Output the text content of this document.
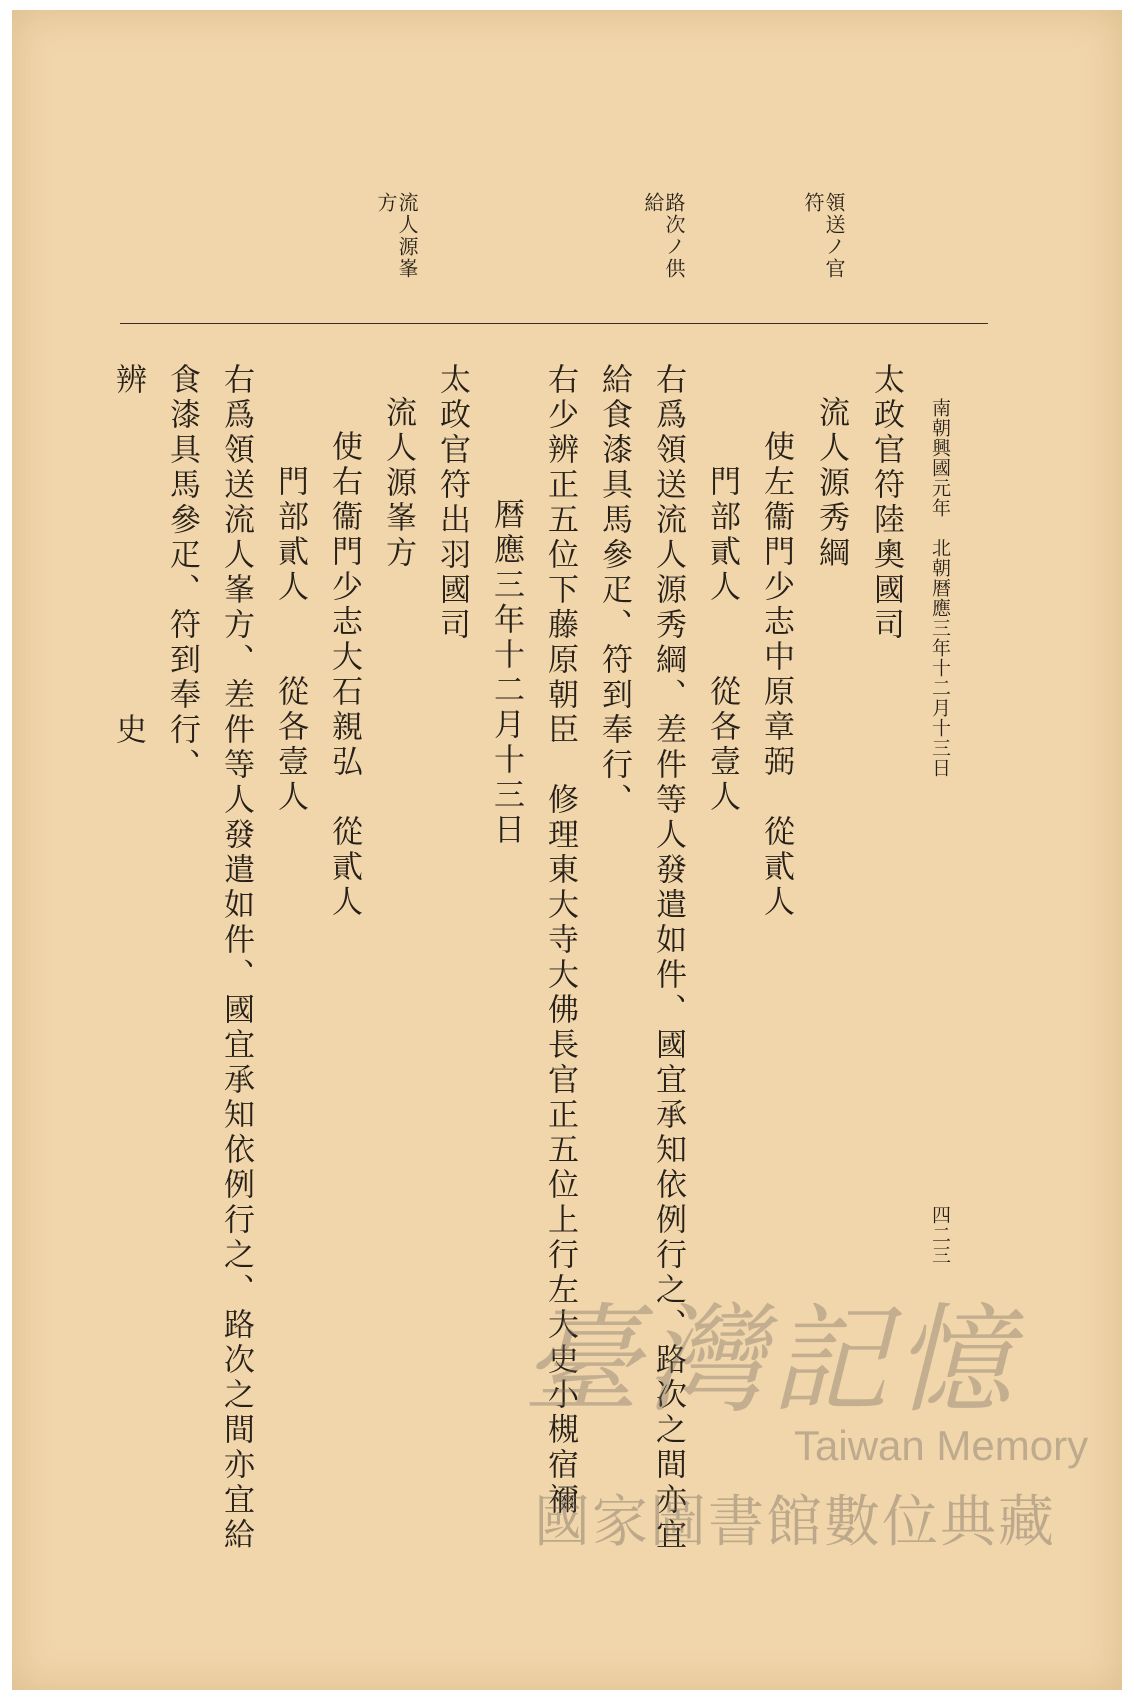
南朝興國元年　北朝暦應三年十二月十三日
四二三
領送ノ官符
路次ノ供給
流人源峯方
太政官符陸奧國司
流人源秀綱
使左衞門少志中原章弼　從貳人
門部貳人　　從各壹人
右爲領送流人源秀綱、差件等人發遣如件、國宜承知依例行之、路次之間亦宜
給食漆具馬參疋、符到奉行、
右少辨正五位下藤原朝臣　修理東大寺大佛長官正五位上行左大史小槻宿禰
暦應三年十二月十三日
太政官符出羽國司
流人源峯方
使右衞門少志大石親弘　從貳人
門部貳人　　從各壹人
右爲領送流人峯方、差件等人發遣如件、國宜承知依例行之、路次之間亦宜給
食漆具馬參疋、符到奉行、
辨　　　　　　　　　史
臺灣記憶
Taiwan Memory
國家圖書館數位典藏
